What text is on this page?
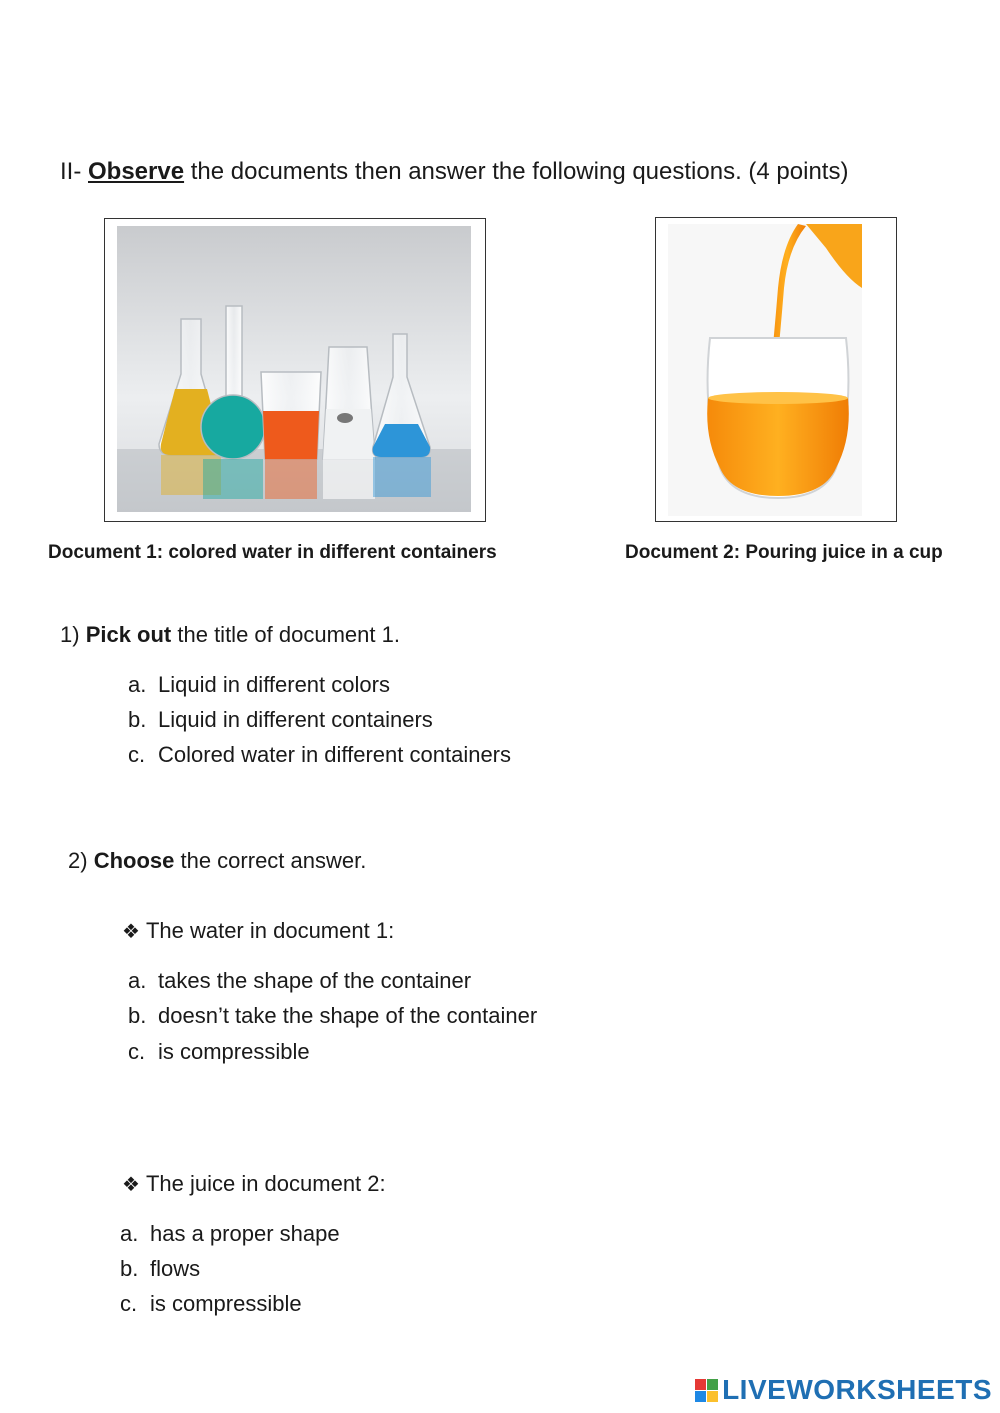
II- Observe the documents then answer the following questions. (4 points)
Document 1: colored water in different containers	Document 2: Pouring juice in a cup
1) Pick out the title of document 1.
a. Liquid in different colors
b. Liquid in different containers
c. Colored water in different containers
2) Choose the correct answer.
❖ The water in document 1:
a. takes the shape of the container
b. doesn’t take the shape of the container
c. is compressible
❖ The juice in document 2:
a. has a proper shape
b. flows
c. is compressible
LIVEWORKSHEETS
